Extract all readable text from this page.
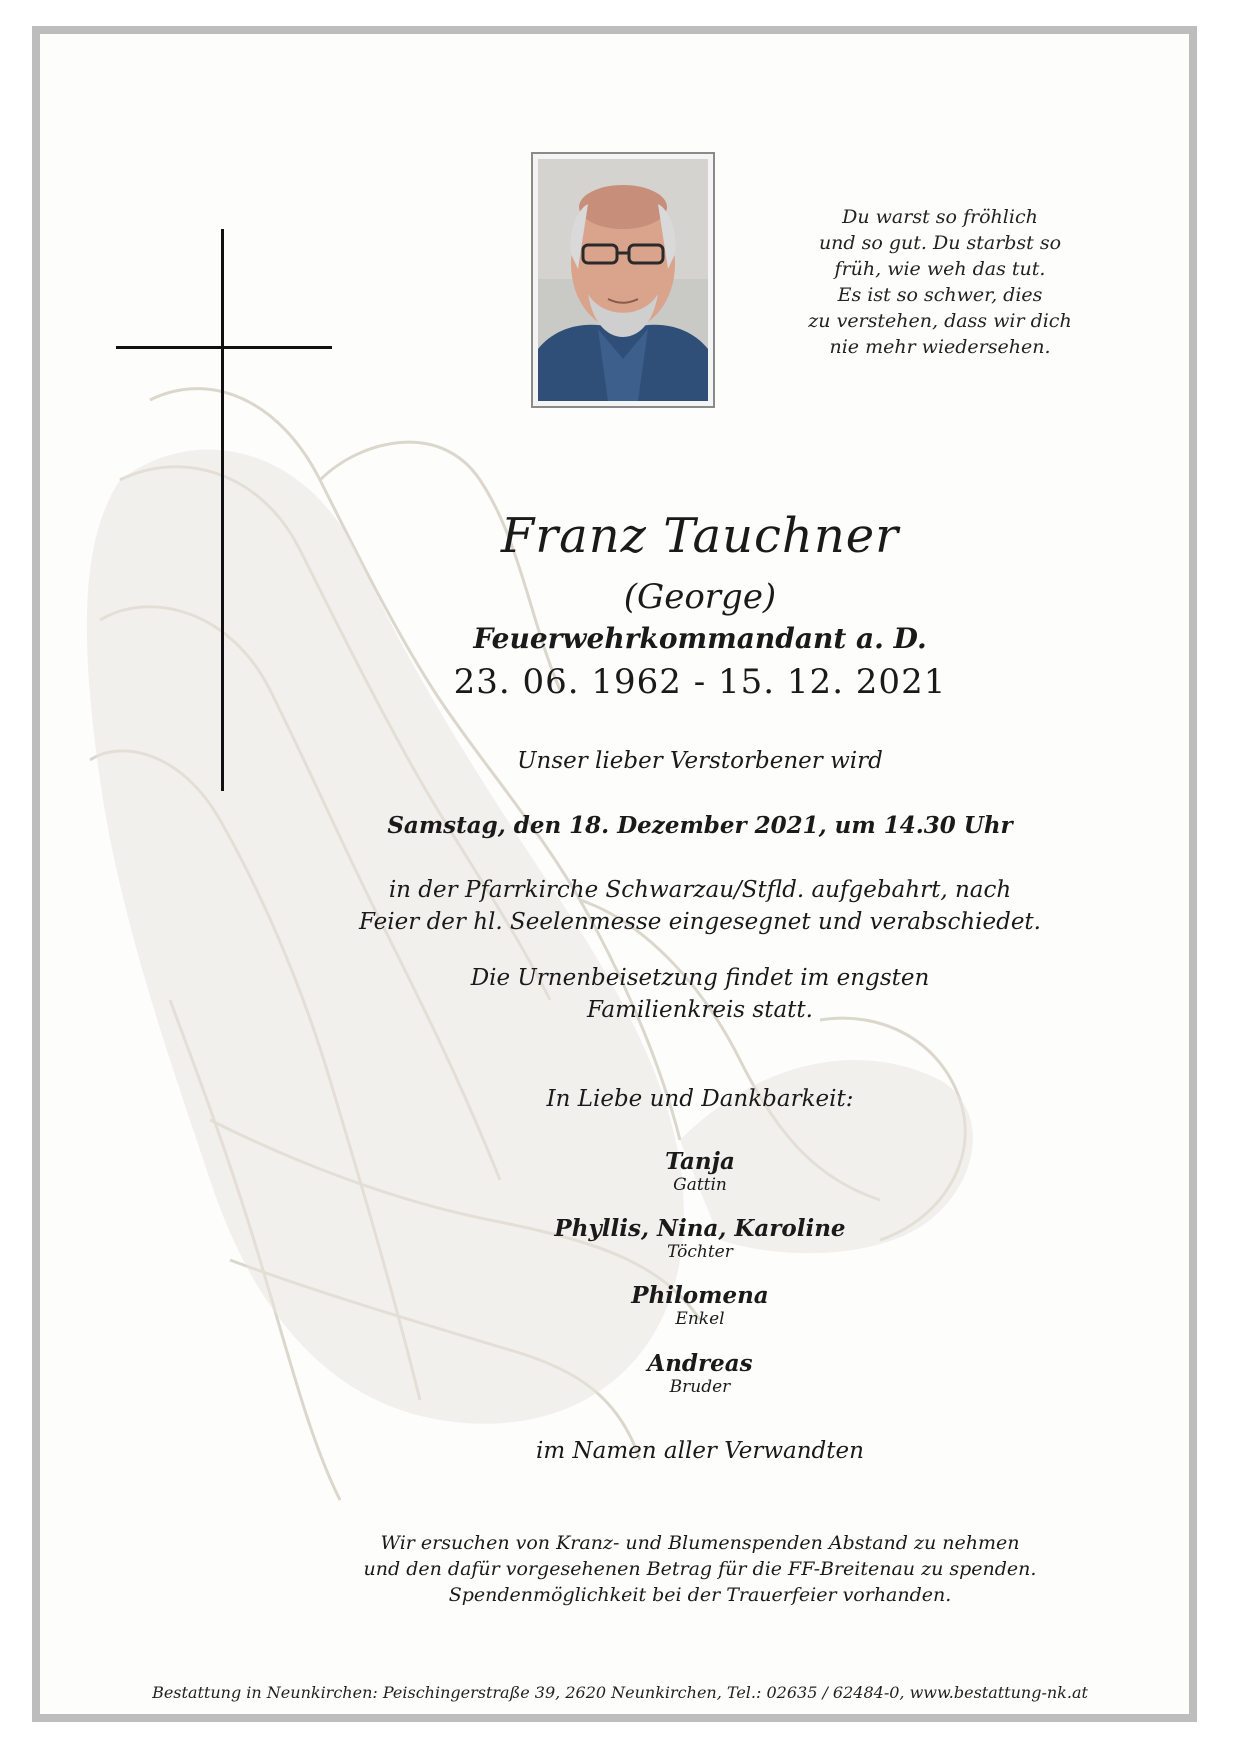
Du warst so fröhlich
und so gut. Du starbst so
früh, wie weh das tut.
Es ist so schwer, dies
zu verstehen, dass wir dich
nie mehr wiedersehen.
Franz Tauchner
(George)
Feuerwehrkommandant a. D.
23. 06. 1962 - 15. 12. 2021
Unser lieber Verstorbener wird
Samstag, den 18. Dezember 2021, um 14.30 Uhr
in der Pfarrkirche Schwarzau/Stfld. aufgebahrt, nach
Feier der hl. Seelenmesse eingesegnet und verabschiedet.
Die Urnenbeisetzung findet im engsten
Familienkreis statt.
In Liebe und Dankbarkeit:
Tanja
Gattin
Phyllis, Nina, Karoline
Töchter
Philomena
Enkel
Andreas
Bruder
im Namen aller Verwandten
Wir ersuchen von Kranz- und Blumenspenden Abstand zu nehmen
und den dafür vorgesehenen Betrag für die FF-Breitenau zu spenden.
Spendenmöglichkeit bei der Trauerfeier vorhanden.
Bestattung in Neunkirchen: Peischingerstraße 39, 2620 Neunkirchen, Tel.: 02635 / 62484-0, www.bestattung-nk.at
